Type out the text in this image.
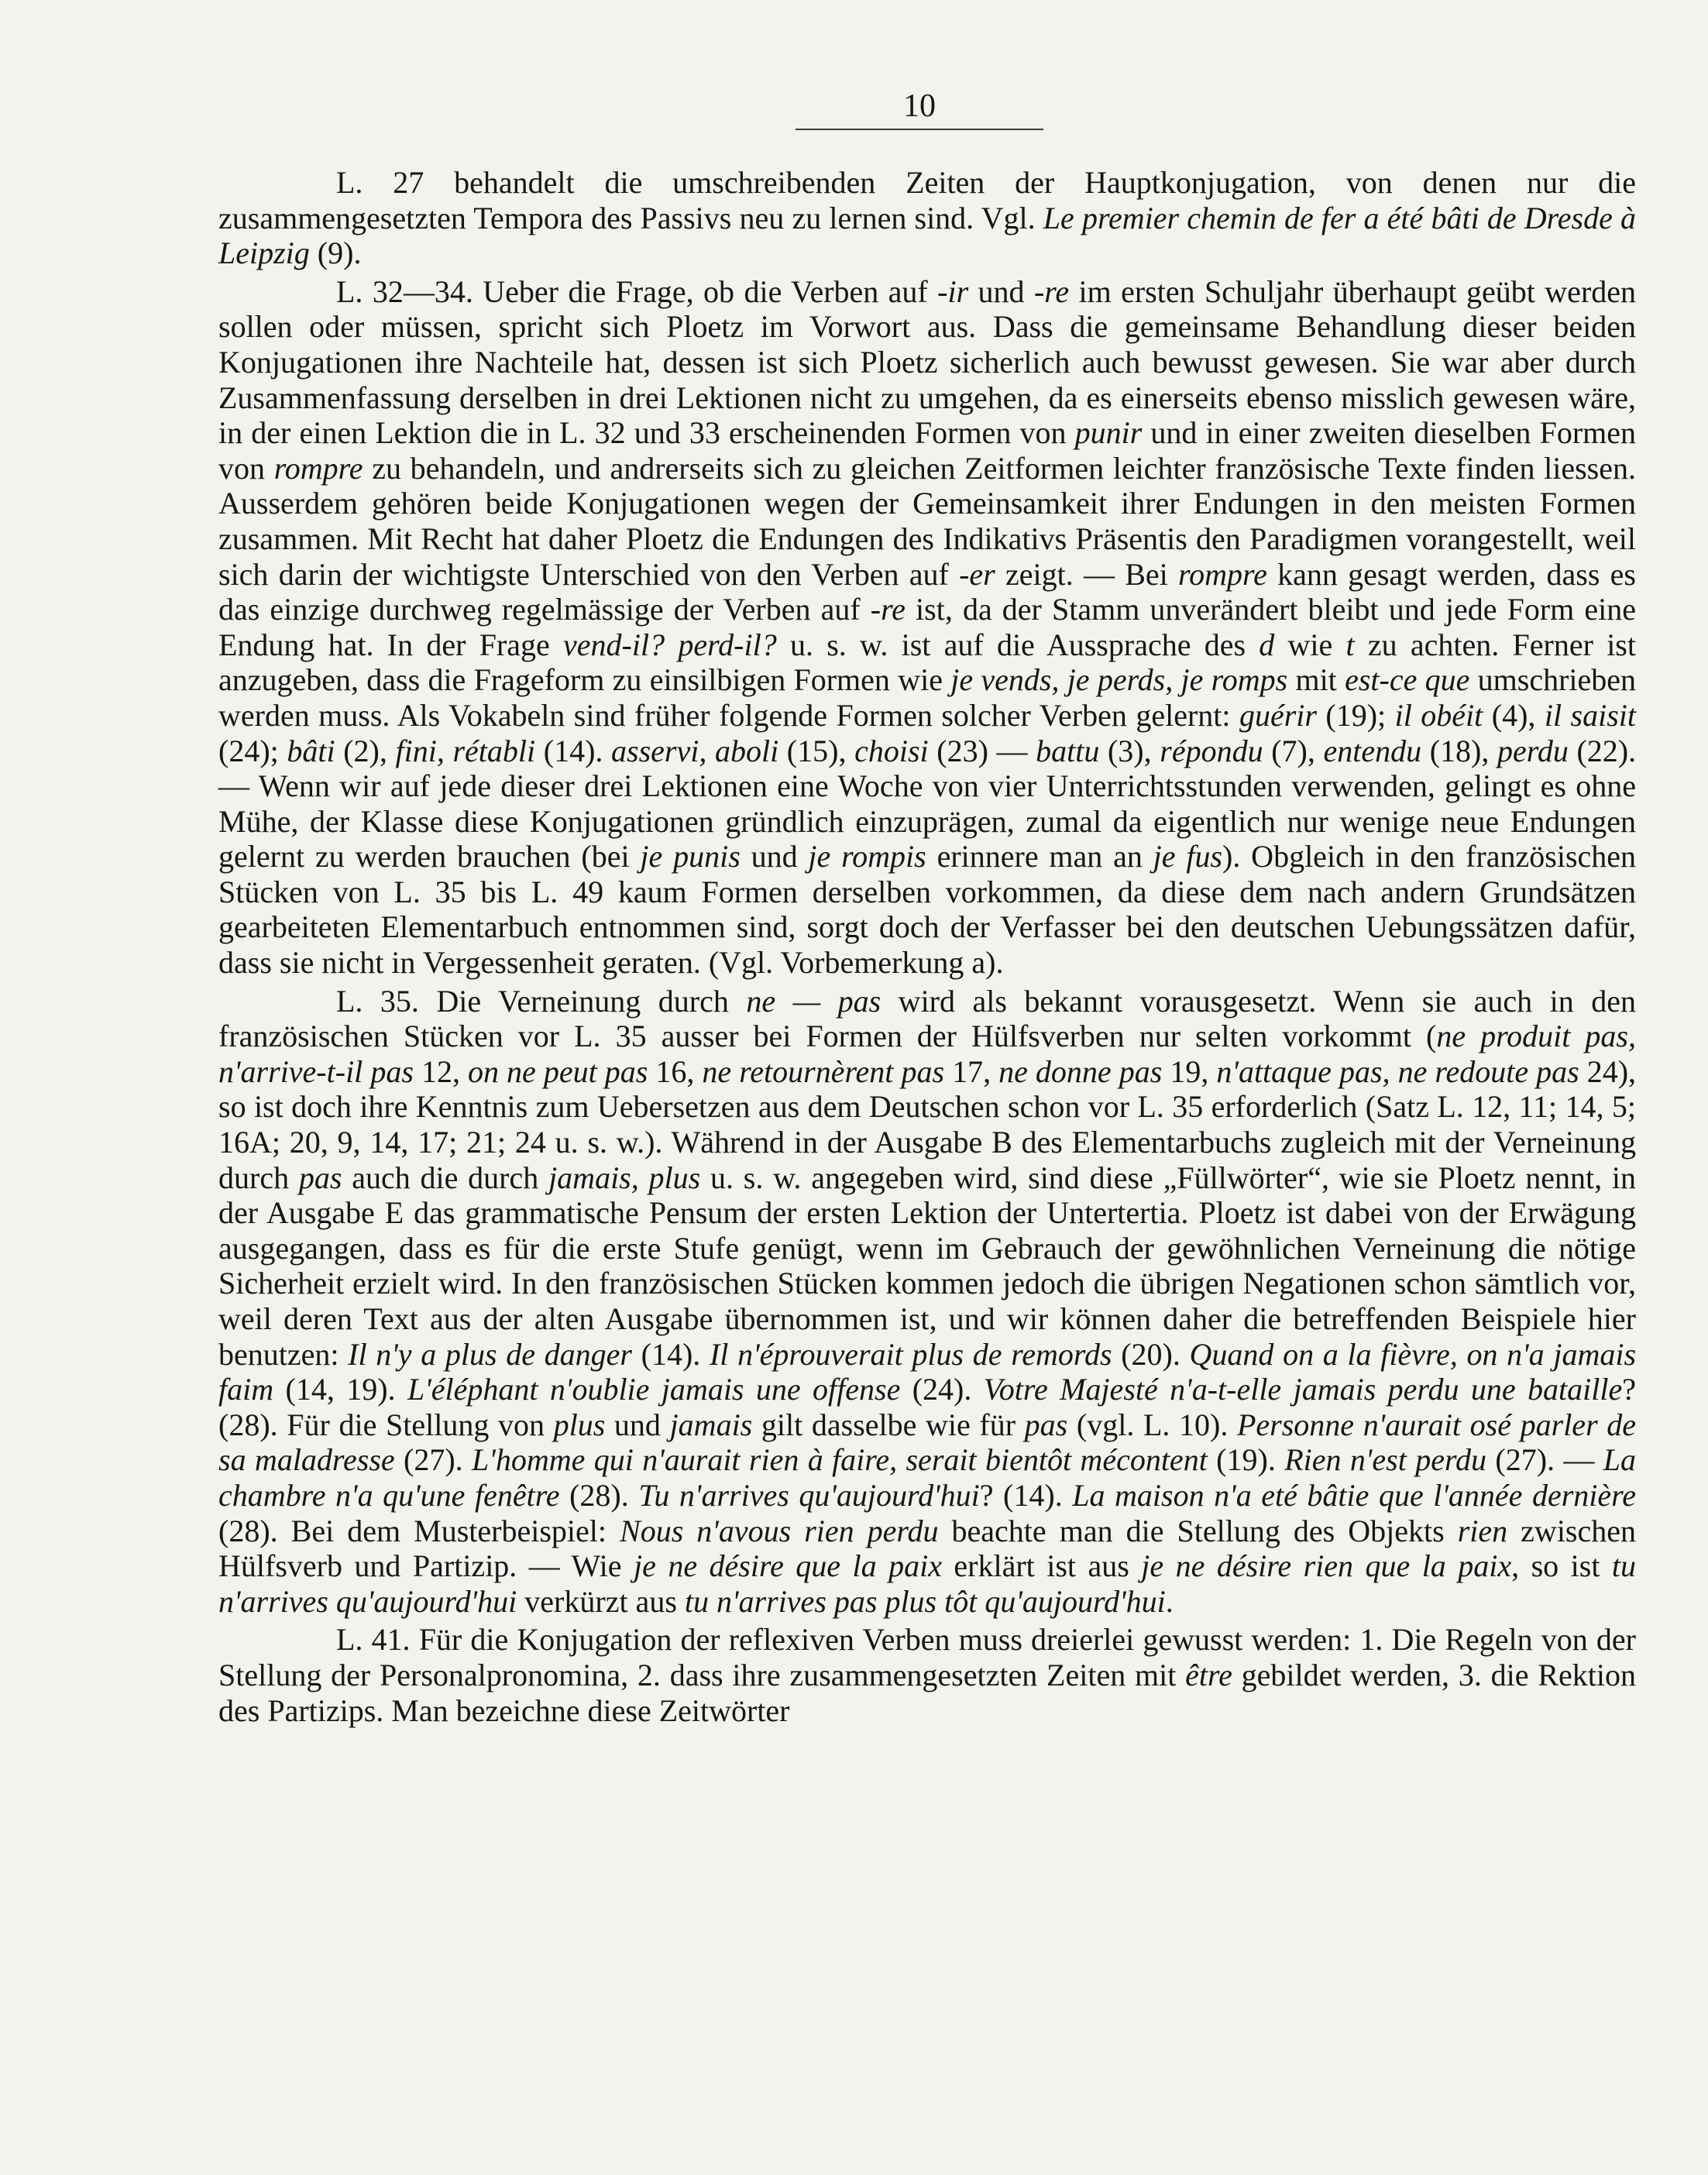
10

L. 27 behandelt die umschreibenden Zeiten der Hauptkonjugation, von denen nur die zusammengesetzten Tempora des Passivs neu zu lernen sind. Vgl. Le premier chemin de fer a été bâti de Dresde à Leipzig (9).

L. 32—34. Ueber die Frage, ob die Verben auf -ir und -re im ersten Schuljahr überhaupt geübt werden sollen oder müssen, spricht sich Ploetz im Vorwort aus. Dass die gemeinsame Behandlung dieser beiden Konjugationen ihre Nachteile hat, dessen ist sich Ploetz sicherlich auch bewusst gewesen. Sie war aber durch Zusammenfassung derselben in drei Lektionen nicht zu umgehen, da es einerseits ebenso misslich gewesen wäre, in der einen Lektion die in L. 32 und 33 erscheinenden Formen von punir und in einer zweiten dieselben Formen von rompre zu behandeln, und andrerseits sich zu gleichen Zeitformen leichter französische Texte finden liessen. Ausserdem gehören beide Konjugationen wegen der Gemeinsamkeit ihrer Endungen in den meisten Formen zusammen. Mit Recht hat daher Ploetz die Endungen des Indikativs Präsentis den Paradigmen vorangestellt, weil sich darin der wichtigste Unterschied von den Verben auf -er zeigt. — Bei rompre kann gesagt werden, dass es das einzige durchweg regelmässige der Verben auf -re ist, da der Stamm unverändert bleibt und jede Form eine Endung hat. In der Frage vend-il? perd-il? u. s. w. ist auf die Aussprache des d wie t zu achten. Ferner ist anzugeben, dass die Frageform zu einsilbigen Formen wie je vends, je perds, je romps mit est-ce que umschrieben werden muss. Als Vokabeln sind früher folgende Formen solcher Verben gelernt: guérir (19); il obéit (4), il saisit (24); bâti (2), fini, rétabli (14). asservi, aboli (15), choisi (23) — battu (3), répondu (7), entendu (18), perdu (22). — Wenn wir auf jede dieser drei Lektionen eine Woche von vier Unterrichtsstunden verwenden, gelingt es ohne Mühe, der Klasse diese Konjugationen gründlich einzuprägen, zumal da eigentlich nur wenige neue Endungen gelernt zu werden brauchen (bei je punis und je rompis erinnere man an je fus). Obgleich in den französischen Stücken von L. 35 bis L. 49 kaum Formen derselben vorkommen, da diese dem nach andern Grundsätzen gearbeiteten Elementarbuch entnommen sind, sorgt doch der Verfasser bei den deutschen Uebungssätzen dafür, dass sie nicht in Vergessenheit geraten. (Vgl. Vorbemerkung a).

L. 35. Die Verneinung durch ne — pas wird als bekannt vorausgesetzt. Wenn sie auch in den französischen Stücken vor L. 35 ausser bei Formen der Hülfsverben nur selten vorkommt (ne produit pas, n'arrive-t-il pas 12, on ne peut pas 16, ne retournèrent pas 17, ne donne pas 19, n'attaque pas, ne redoute pas 24), so ist doch ihre Kenntnis zum Uebersetzen aus dem Deutschen schon vor L. 35 erforderlich (Satz L. 12, 11; 14, 5; 16A; 20, 9, 14, 17; 21; 24 u. s. w.). Während in der Ausgabe B des Elementarbuchs zugleich mit der Verneinung durch pas auch die durch jamais, plus u. s. w. angegeben wird, sind diese „Füllwörter“, wie sie Ploetz nennt, in der Ausgabe E das grammatische Pensum der ersten Lektion der Untertertia. Ploetz ist dabei von der Erwägung ausgegangen, dass es für die erste Stufe genügt, wenn im Gebrauch der gewöhnlichen Verneinung die nötige Sicherheit erzielt wird. In den französischen Stücken kommen jedoch die übrigen Negationen schon sämtlich vor, weil deren Text aus der alten Ausgabe übernommen ist, und wir können daher die betreffenden Beispiele hier benutzen: Il n'y a plus de danger (14). Il n'éprouverait plus de remords (20). Quand on a la fièvre, on n'a jamais faim (14, 19). L'éléphant n'oublie jamais une offense (24). Votre Majesté n'a-t-elle jamais perdu une bataille? (28). Für die Stellung von plus und jamais gilt dasselbe wie für pas (vgl. L. 10). Personne n'aurait osé parler de sa maladresse (27). L'homme qui n'aurait rien à faire, serait bientôt mécontent (19). Rien n'est perdu (27). — La chambre n'a qu'une fenêtre (28). Tu n'arrives qu'aujourd'hui? (14). La maison n'a eté bâtie que l'année dernière (28). Bei dem Musterbeispiel: Nous n'avous rien perdu beachte man die Stellung des Objekts rien zwischen Hülfsverb und Partizip. — Wie je ne désire que la paix erklärt ist aus je ne désire rien que la paix, so ist tu n'arrives qu'aujourd'hui verkürzt aus tu n'arrives pas plus tôt qu'aujourd'hui.

L. 41. Für die Konjugation der reflexiven Verben muss dreierlei gewusst werden: 1. Die Regeln von der Stellung der Personalpronomina, 2. dass ihre zusammengesetzten Zeiten mit être gebildet werden, 3. die Rektion des Partizips. Man bezeichne diese Zeitwörter
